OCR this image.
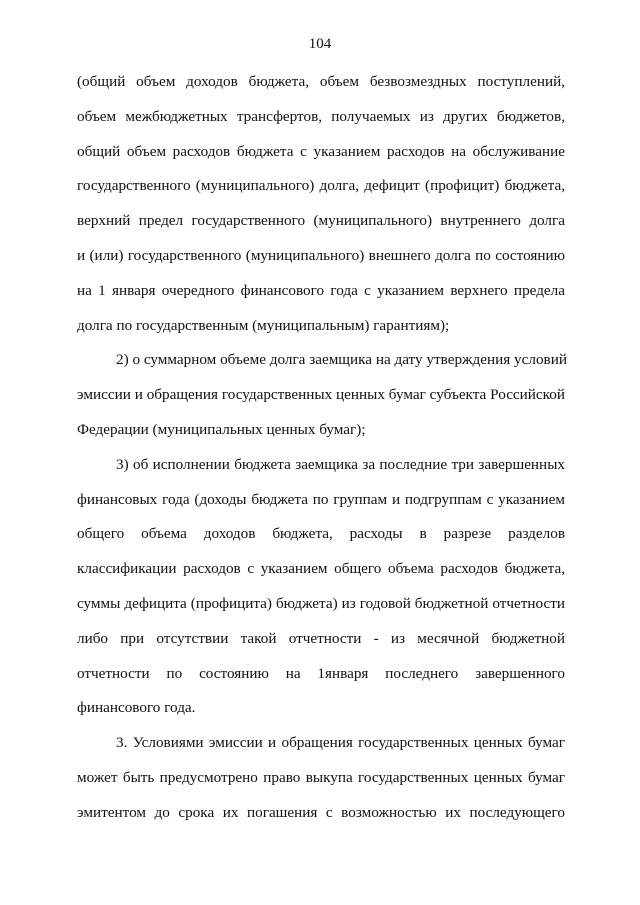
104
(общий объем доходов бюджета, объем безвозмездных поступлений,
объем межбюджетных трансфертов, получаемых из других бюджетов,
общий объем расходов бюджета с указанием расходов на обслуживание
государственного (муниципального) долга, дефицит (профицит) бюджета,
верхний предел государственного (муниципального) внутреннего долга
и (или) государственного (муниципального) внешнего долга по состоянию
на 1 января очередного финансового года с указанием верхнего предела
долга по государственным (муниципальным) гарантиям);
2) о суммарном объеме долга заемщика на дату утверждения условий
эмиссии и обращения государственных ценных бумаг субъекта Российской
Федерации (муниципальных ценных бумаг);
3) об исполнении бюджета заемщика за последние три завершенных
финансовых года (доходы бюджета по группам и подгруппам с указанием
общего объема доходов бюджета, расходы в разрезе разделов
классификации расходов с указанием общего объема расходов бюджета,
суммы дефицита (профицита) бюджета) из годовой бюджетной отчетности
либо при отсутствии такой отчетности - из месячной бюджетной
отчетности по состоянию на 1января последнего завершенного
финансового года.
3. Условиями эмиссии и обращения государственных ценных бумаг
может быть предусмотрено право выкупа государственных ценных бумаг
эмитентом до срока их погашения с возможностью их последующего
